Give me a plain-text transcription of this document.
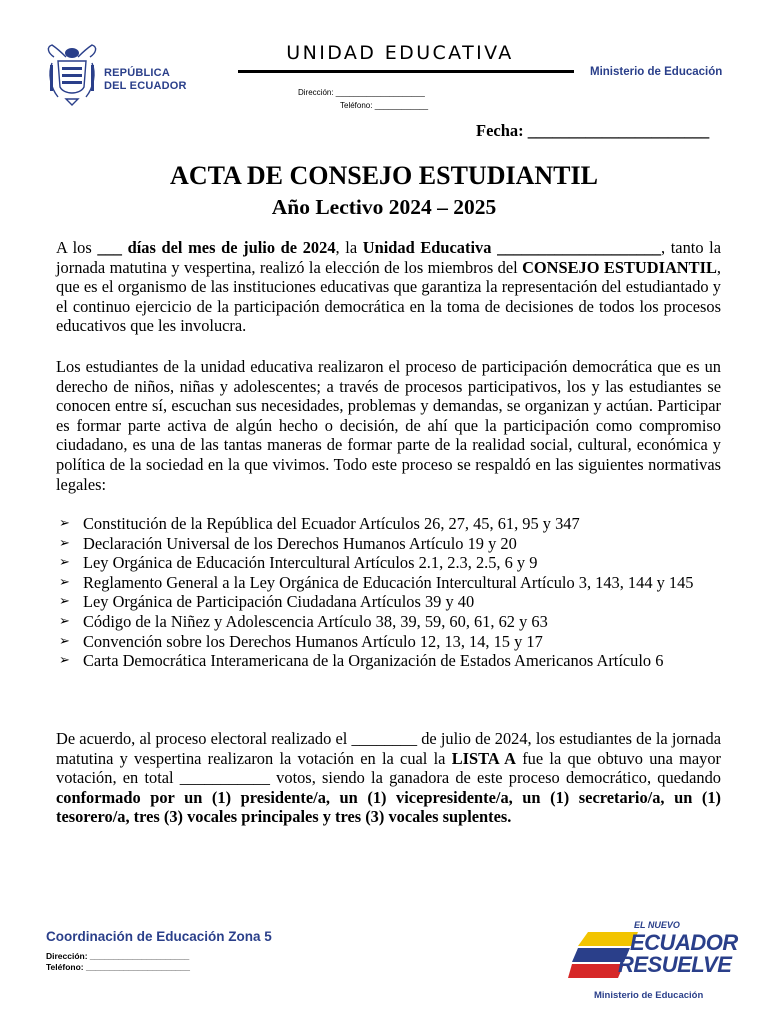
REPÚBLICA
DEL ECUADOR
UNIDAD EDUCATIVA
Dirección: ____________________
Teléfono: ____________
Ministerio de Educación
Fecha: ______________________
ACTA DE CONSEJO ESTUDIANTIL
Año Lectivo 2024 – 2025
A los ___ días del mes de julio de 2024, la Unidad Educativa ____________________, tanto la jornada matutina y vespertina, realizó la elección de los miembros del CONSEJO ESTUDIANTIL, que es el organismo de las instituciones educativas que garantiza la representación del estudiantado y el continuo ejercicio de la participación democrática en la toma de decisiones de todos los procesos educativos que les involucra.
Los estudiantes de la unidad educativa realizaron el proceso de participación democrática que es un derecho de niños, niñas y adolescentes; a través de procesos participativos, los y las estudiantes se conocen entre sí, escuchan sus necesidades, problemas y demandas, se organizan y actúan. Participar es formar parte activa de algún hecho o decisión, de ahí que la participación como compromiso ciudadano, es una de las tantas maneras de formar parte de la realidad social, cultural, económica y política de la sociedad en la que vivimos. Todo este proceso se respaldó en las siguientes normativas legales:
➢ Constitución de la República del Ecuador Artículos 26, 27, 45, 61, 95 y 347
➢ Declaración Universal de los Derechos Humanos Artículo 19 y 20
➢ Ley Orgánica de Educación Intercultural Artículos 2.1, 2.3, 2.5, 6 y 9
➢ Reglamento General a la Ley Orgánica de Educación Intercultural Artículo 3, 143, 144 y 145
➢ Ley Orgánica de Participación Ciudadana Artículos 39 y 40
➢ Código de la Niñez y Adolescencia Artículo 38, 39, 59, 60, 61, 62 y 63
➢ Convención sobre los Derechos Humanos Artículo 12, 13, 14, 15 y 17
➢ Carta Democrática Interamericana de la Organización de Estados Americanos Artículo 6
De acuerdo, al proceso electoral realizado el ________ de julio de 2024, los estudiantes de la jornada matutina y vespertina realizaron la votación en la cual la LISTA A fue la que obtuvo una mayor votación, en total ___________ votos, siendo la ganadora de este proceso democrático, quedando conformado por un (1) presidente/a, un (1) vicepresidente/a, un (1) secretario/a, un (1) tesorero/a, tres (3) vocales principales y tres (3) vocales suplentes.
Coordinación de Educación Zona 5
Dirección: _____________________
Teléfono: ______________________
EL NUEVO
ECUADOR
RESUELVE
Ministerio de Educación
